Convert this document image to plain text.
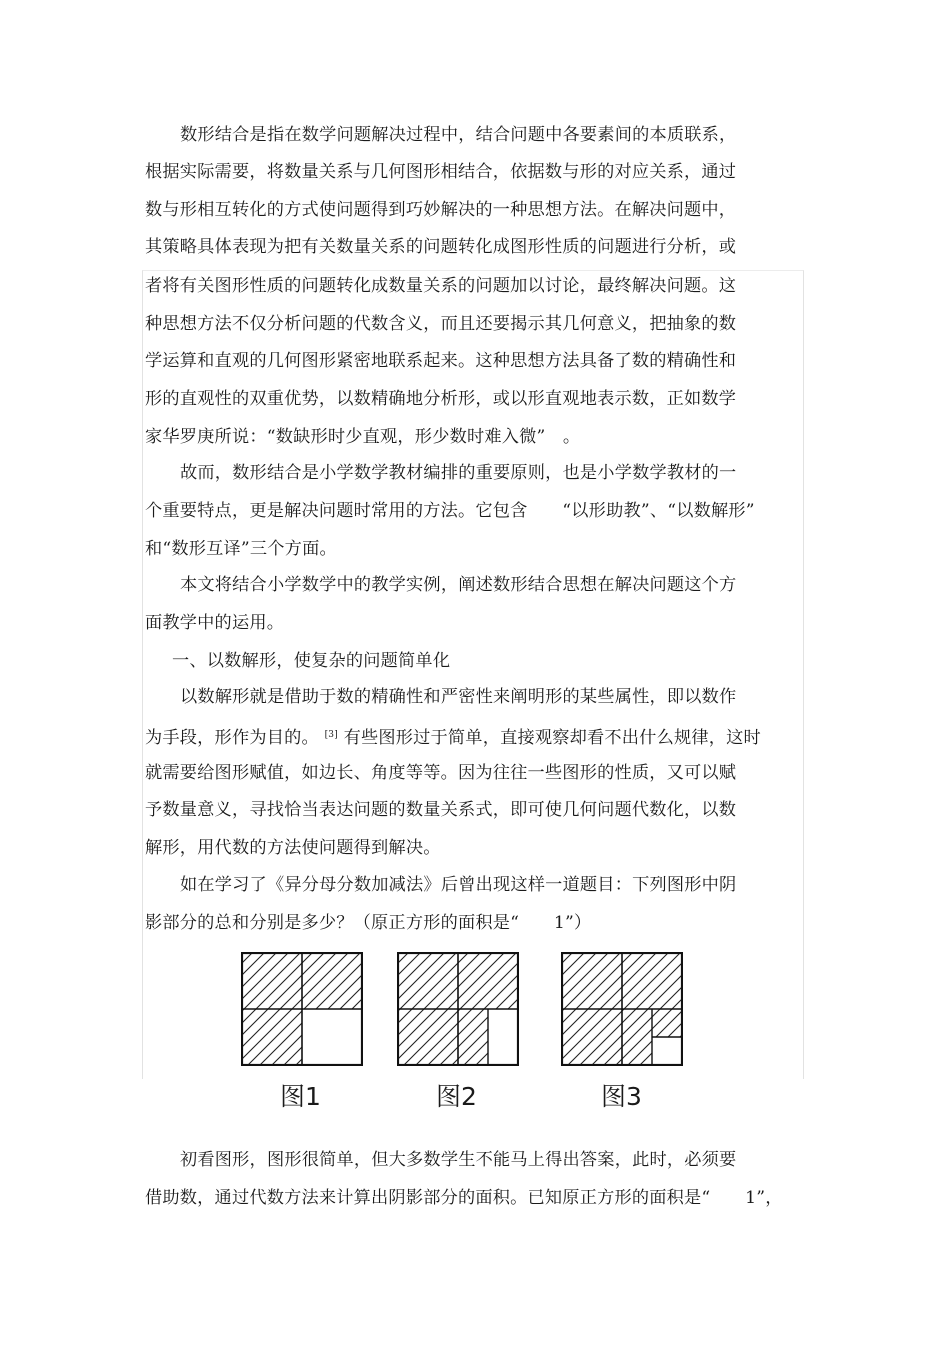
数形结合是指在数学问题解决过程中，结合问题中各要素间的本质联系，
根据实际需要，将数量关系与几何图形相结合，依据数与形的对应关系，通过
数与形相互转化的方式使问题得到巧妙解决的一种思想方法。在解决问题中，
其策略具体表现为把有关数量关系的问题转化成图形性质的问题进行分析，或
者将有关图形性质的问题转化成数量关系的问题加以讨论，最终解决问题。这
种思想方法不仅分析问题的代数含义，而且还要揭示其几何意义，把抽象的数
学运算和直观的几何图形紧密地联系起来。这种思想方法具备了数的精确性和
形的直观性的双重优势，以数精确地分析形，或以形直观地表示数，正如数学
家华罗庚所说：“数缺形时少直观，形少数时难入微”　。
故而，数形结合是小学数学教材编排的重要原则，也是小学数学教材的一
个重要特点，更是解决问题时常用的方法。它包含　　“以形助教”、“以数解形”
和“数形互译”三个方面。
本文将结合小学数学中的教学实例，阐述数形结合思想在解决问题这个方
面教学中的运用。
一、以数解形，使复杂的问题简单化
以数解形就是借助于数的精确性和严密性来阐明形的某些属性，即以数作
为手段，形作为目的。 [3] 有些图形过于简单，直接观察却看不出什么规律，这时
就需要给图形赋值，如边长、角度等等。因为往往一些图形的性质，又可以赋
予数量意义，寻找恰当表达问题的数量关系式，即可使几何问题代数化，以数
解形，用代数的方法使问题得到解决。
如在学习了《异分母分数加减法》后曾出现这样一道题目：下列图形中阴
影部分的总和分别是多少？（原正方形的面积是“　　1”）
图1	图2	图3
初看图形，图形很简单，但大多数学生不能马上得出答案，此时，必须要
借助数，通过代数方法来计算出阴影部分的面积。已知原正方形的面积是“　　1”，
